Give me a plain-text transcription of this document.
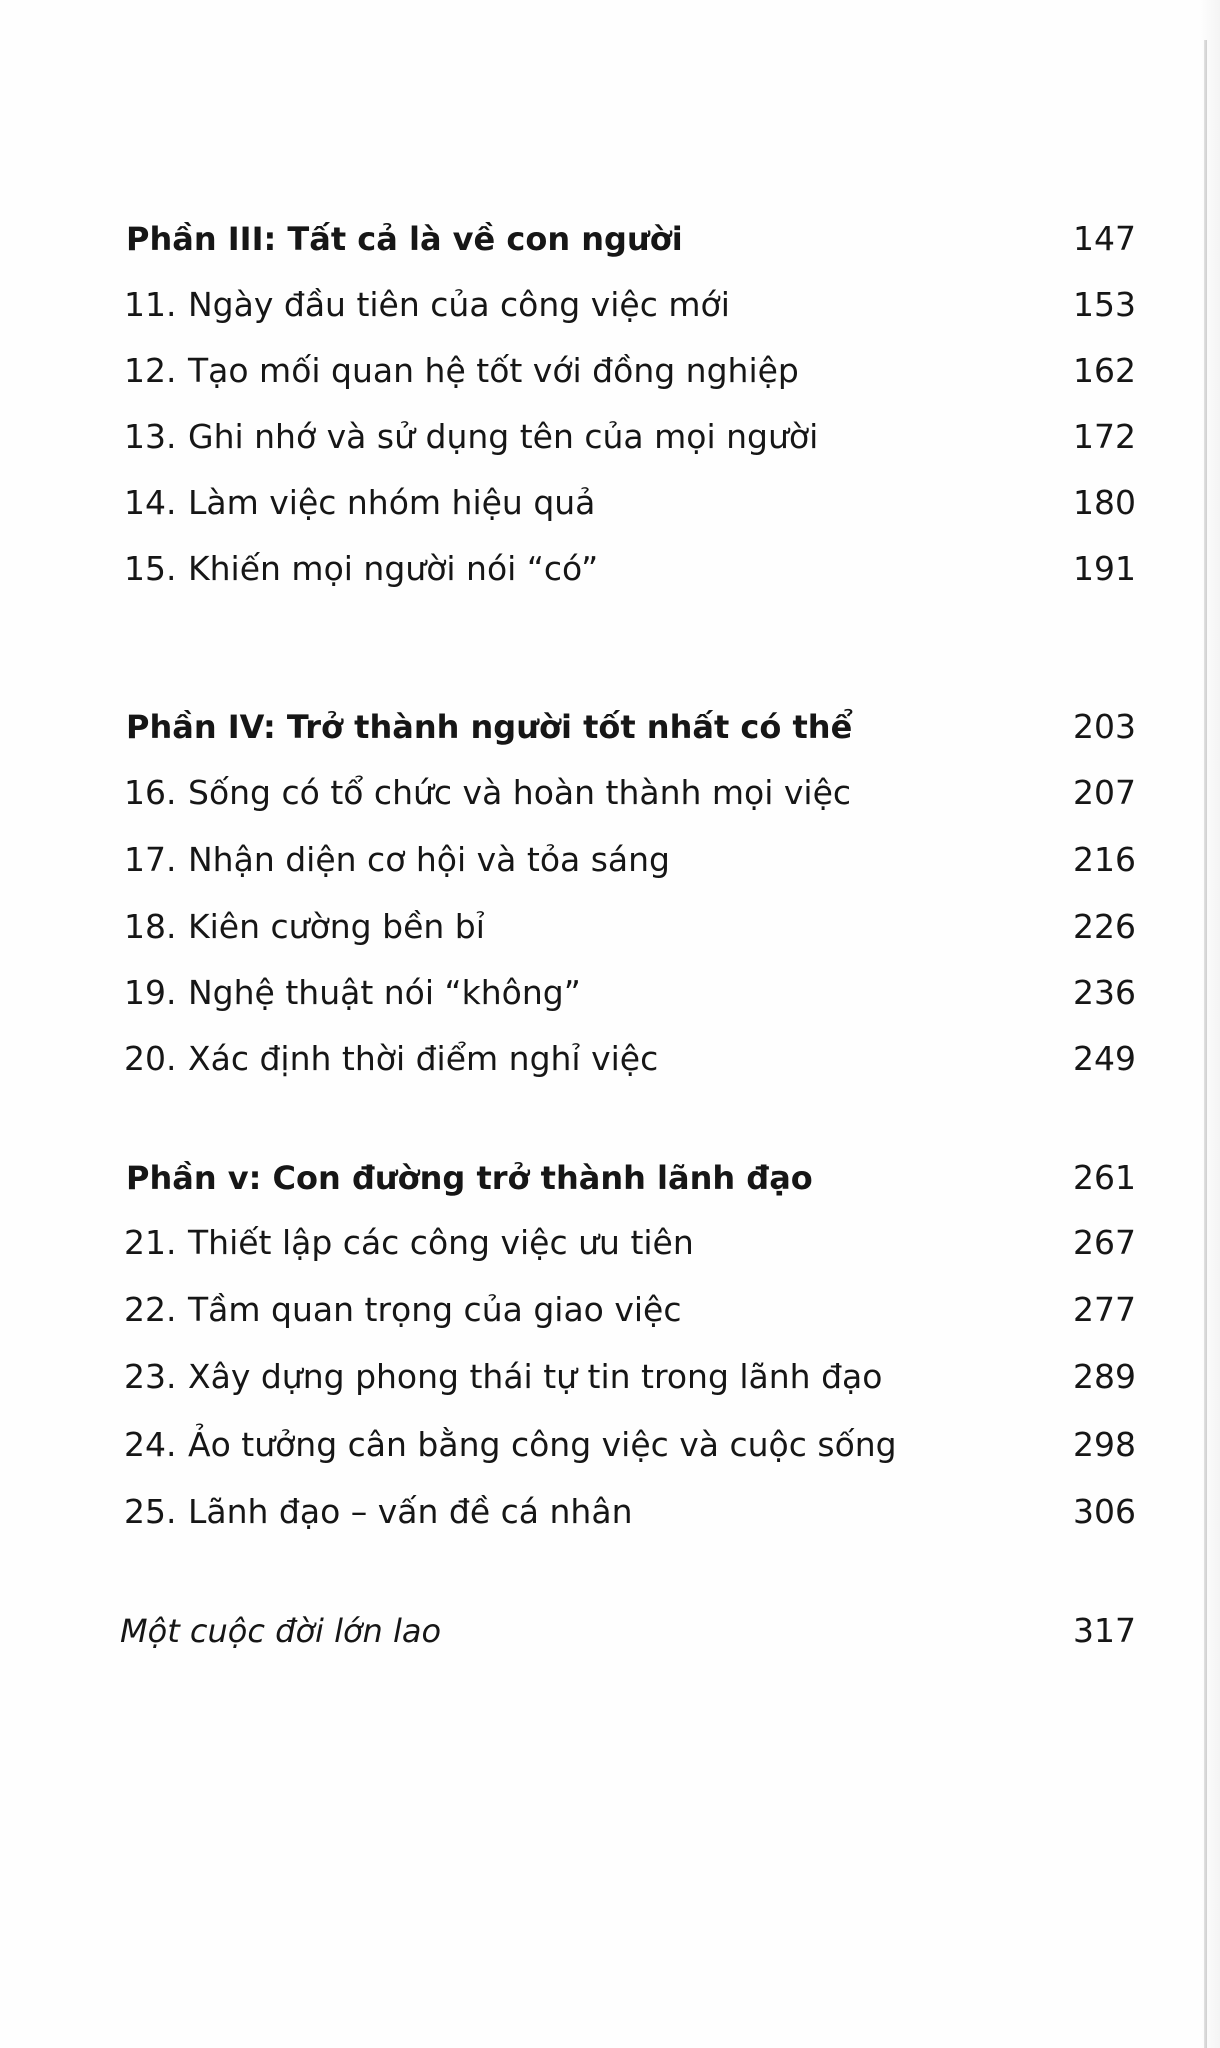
Phần III: Tất cả là về con người	147
11. Ngày đầu tiên của công việc mới	153
12. Tạo mối quan hệ tốt với đồng nghiệp	162
13. Ghi nhớ và sử dụng tên của mọi người	172
14. Làm việc nhóm hiệu quả	180
15. Khiến mọi người nói “có”	191
Phần IV: Trở thành người tốt nhất có thể	203
16. Sống có tổ chức và hoàn thành mọi việc	207
17. Nhận diện cơ hội và tỏa sáng	216
18. Kiên cường bền bỉ	226
19. Nghệ thuật nói “không”	236
20. Xác định thời điểm nghỉ việc	249
Phần v: Con đường trở thành lãnh đạo	261
21. Thiết lập các công việc ưu tiên	267
22. Tầm quan trọng của giao việc	277
23. Xây dựng phong thái tự tin trong lãnh đạo	289
24. Ảo tưởng cân bằng công việc và cuộc sống	298
25. Lãnh đạo – vấn đề cá nhân	306
Một cuộc đời lớn lao	317
